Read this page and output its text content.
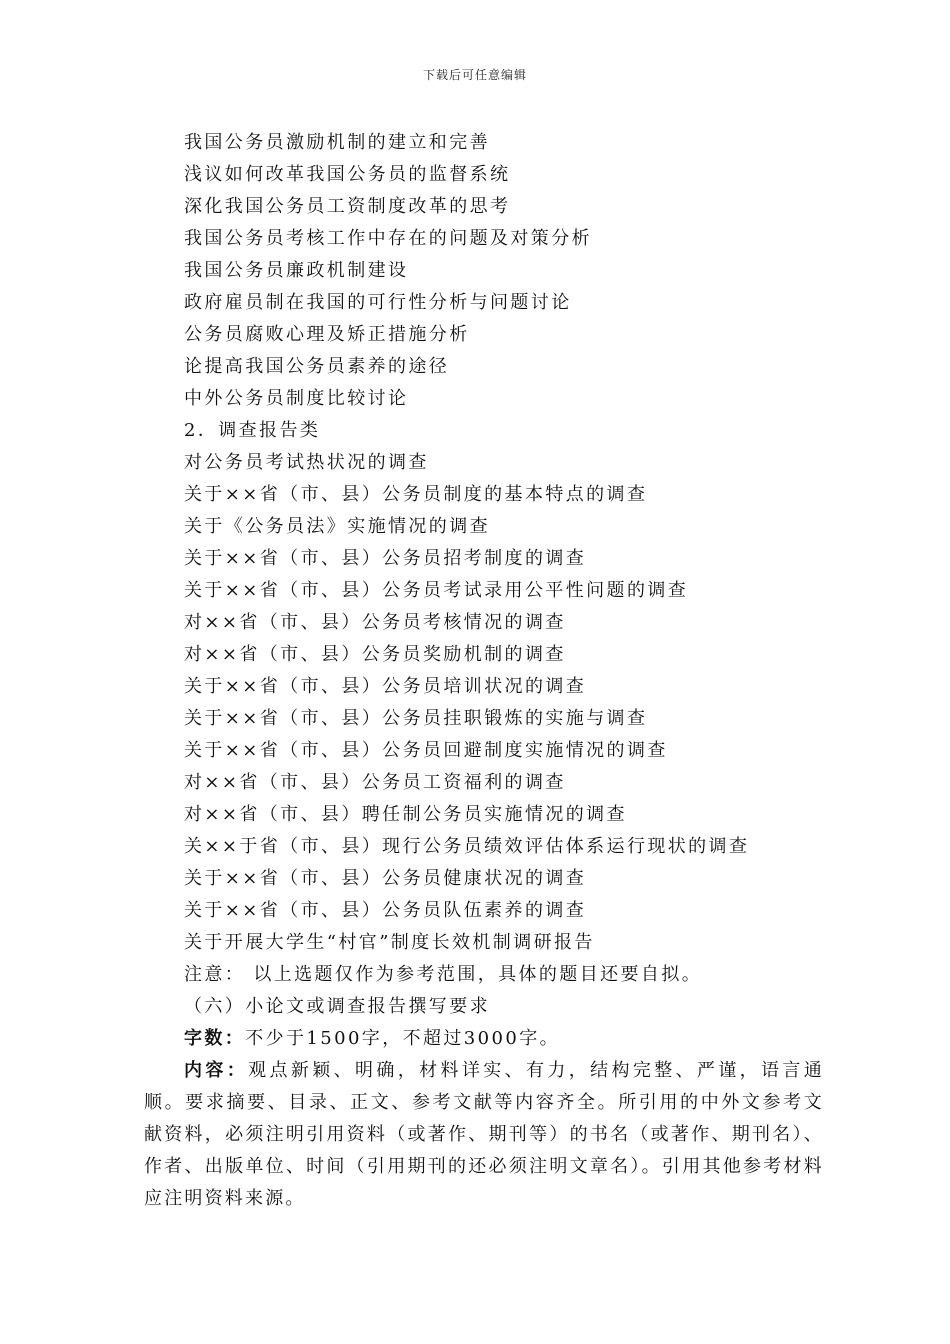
下载后可任意编辑
我国公务员激励机制的建立和完善
浅议如何改革我国公务员的监督系统
深化我国公务员工资制度改革的思考
我国公务员考核工作中存在的问题及对策分析
我国公务员廉政机制建设
政府雇员制在我国的可行性分析与问题讨论
公务员腐败心理及矫正措施分析
论提高我国公务员素养的途径
中外公务员制度比较讨论
2．调查报告类
对公务员考试热状况的调查
关于××省（市、县）公务员制度的基本特点的调查
关于《公务员法》实施情况的调查
关于××省（市、县）公务员招考制度的调查
关于××省（市、县）公务员考试录用公平性问题的调查
对××省（市、县）公务员考核情况的调查
对××省（市、县）公务员奖励机制的调查
关于××省（市、县）公务员培训状况的调查
关于××省（市、县）公务员挂职锻炼的实施与调查
关于××省（市、县）公务员回避制度实施情况的调查
对××省（市、县）公务员工资福利的调查
对××省（市、县）聘任制公务员实施情况的调查
关××于省（市、县）现行公务员绩效评估体系运行现状的调查
关于××省（市、县）公务员健康状况的调查
关于××省（市、县）公务员队伍素养的调查
关于开展大学生“村官”制度长效机制调研报告
注意： 以上选题仅作为参考范围，具体的题目还要自拟。
（六）小论文或调查报告撰写要求
字数：不少于1500字，不超过3000字。
内容：观点新颖、明确，材料详实、有力，结构完整、严谨，语言通顺。要求摘要、目录、正文、参考文献等内容齐全。所引用的中外文参考文献资料，必须注明引用资料（或著作、期刊等）的书名（或著作、期刊名）、作者、出版单位、时间（引用期刊的还必须注明文章名）。引用其他参考材料应注明资料来源。
